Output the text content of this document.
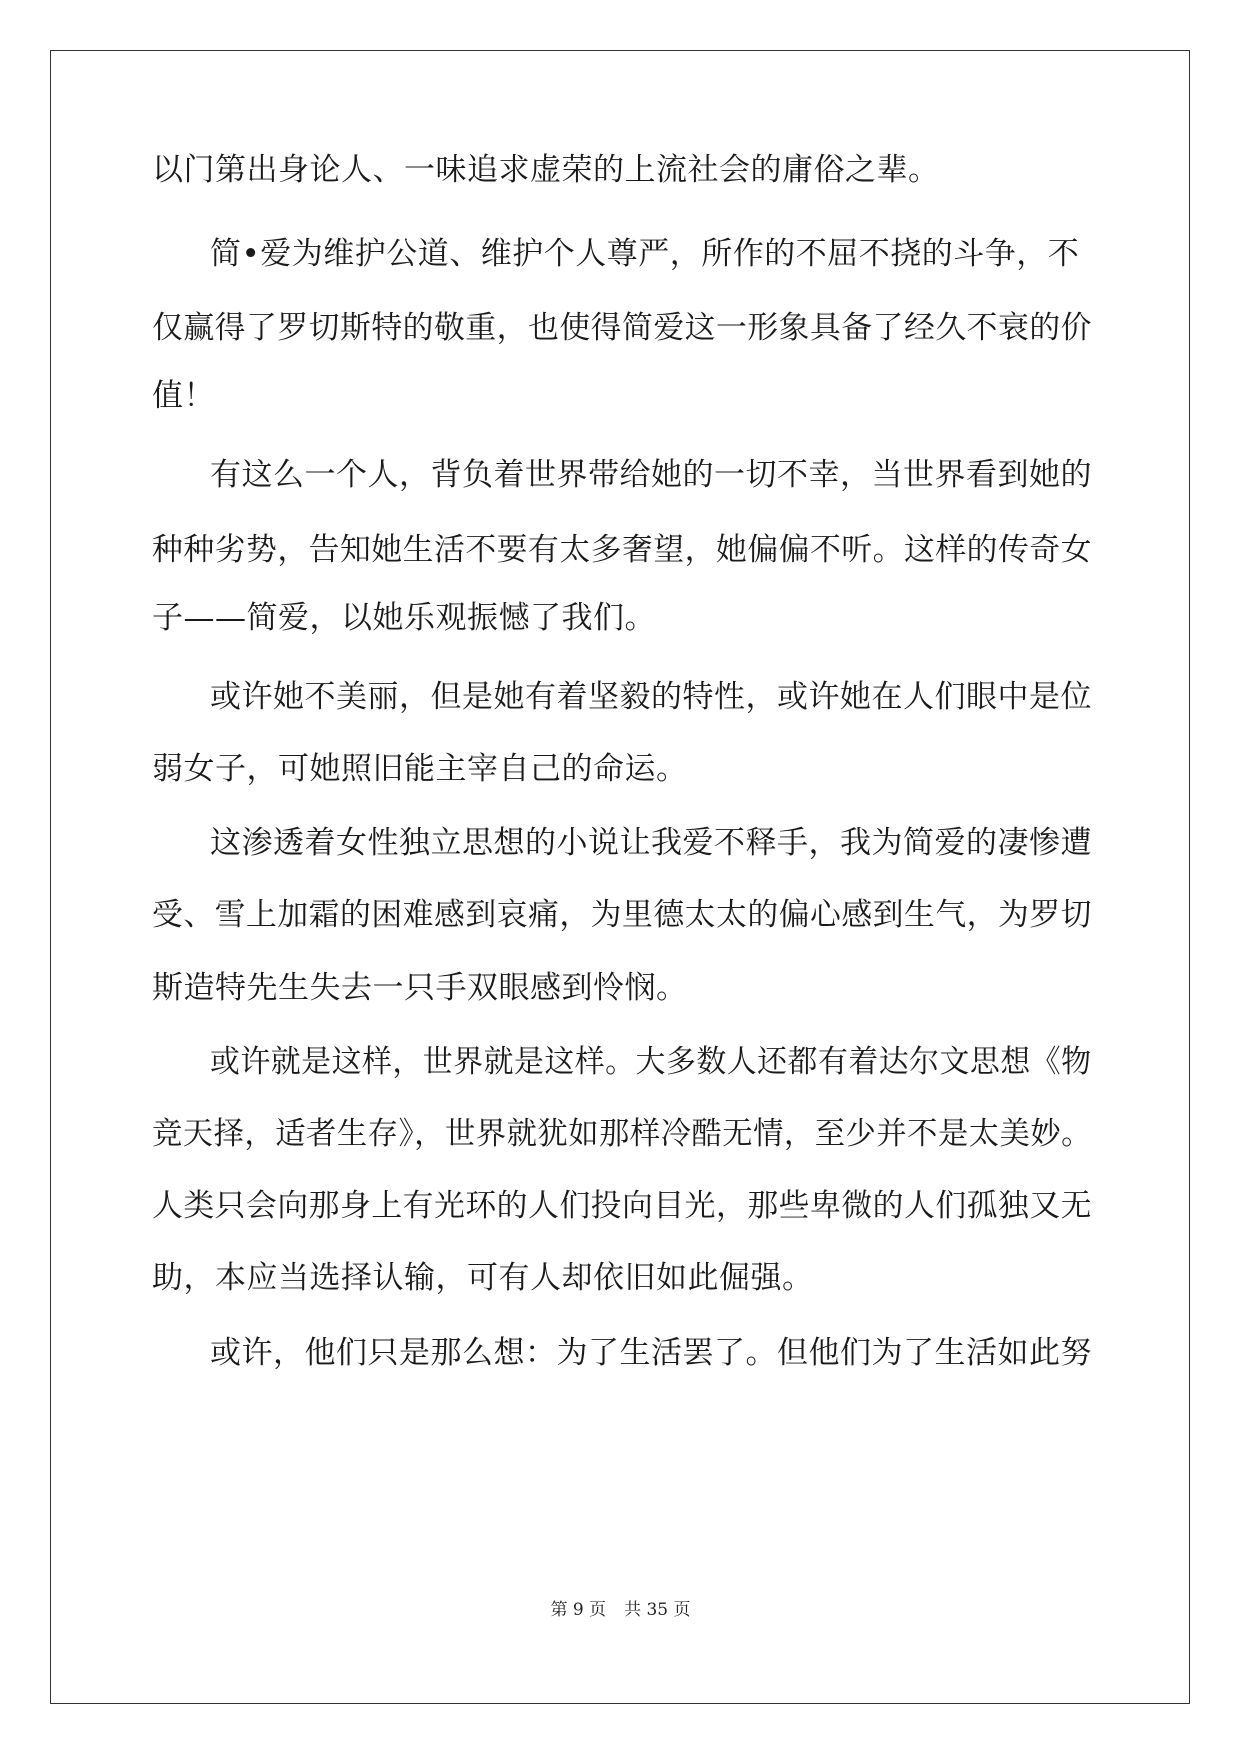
以门第出身论人、一味追求虚荣的上流社会的庸俗之辈。
简•爱为维护公道、维护个人尊严，所作的不屈不挠的斗争，不
仅赢得了罗切斯特的敬重，也使得简爱这一形象具备了经久不衰的价
值！
有这么一个人，背负着世界带给她的一切不幸，当世界看到她的
种种劣势，告知她生活不要有太多奢望，她偏偏不听。这样的传奇女
子——简爱，以她乐观振憾了我们。
或许她不美丽，但是她有着坚毅的特性，或许她在人们眼中是位
弱女子，可她照旧能主宰自己的命运。
这渗透着女性独立思想的小说让我爱不释手，我为简爱的凄惨遭
受、雪上加霜的困难感到哀痛，为里德太太的偏心感到生气，为罗切
斯造特先生失去一只手双眼感到怜悯。
或许就是这样，世界就是这样。大多数人还都有着达尔文思想《物
竞天择，适者生存》，世界就犹如那样冷酷无情，至少并不是太美妙。
人类只会向那身上有光环的人们投向目光，那些卑微的人们孤独又无
助，本应当选择认输，可有人却依旧如此倔强。
或许，他们只是那么想：为了生活罢了。但他们为了生活如此努
第 9 页 共 35 页
